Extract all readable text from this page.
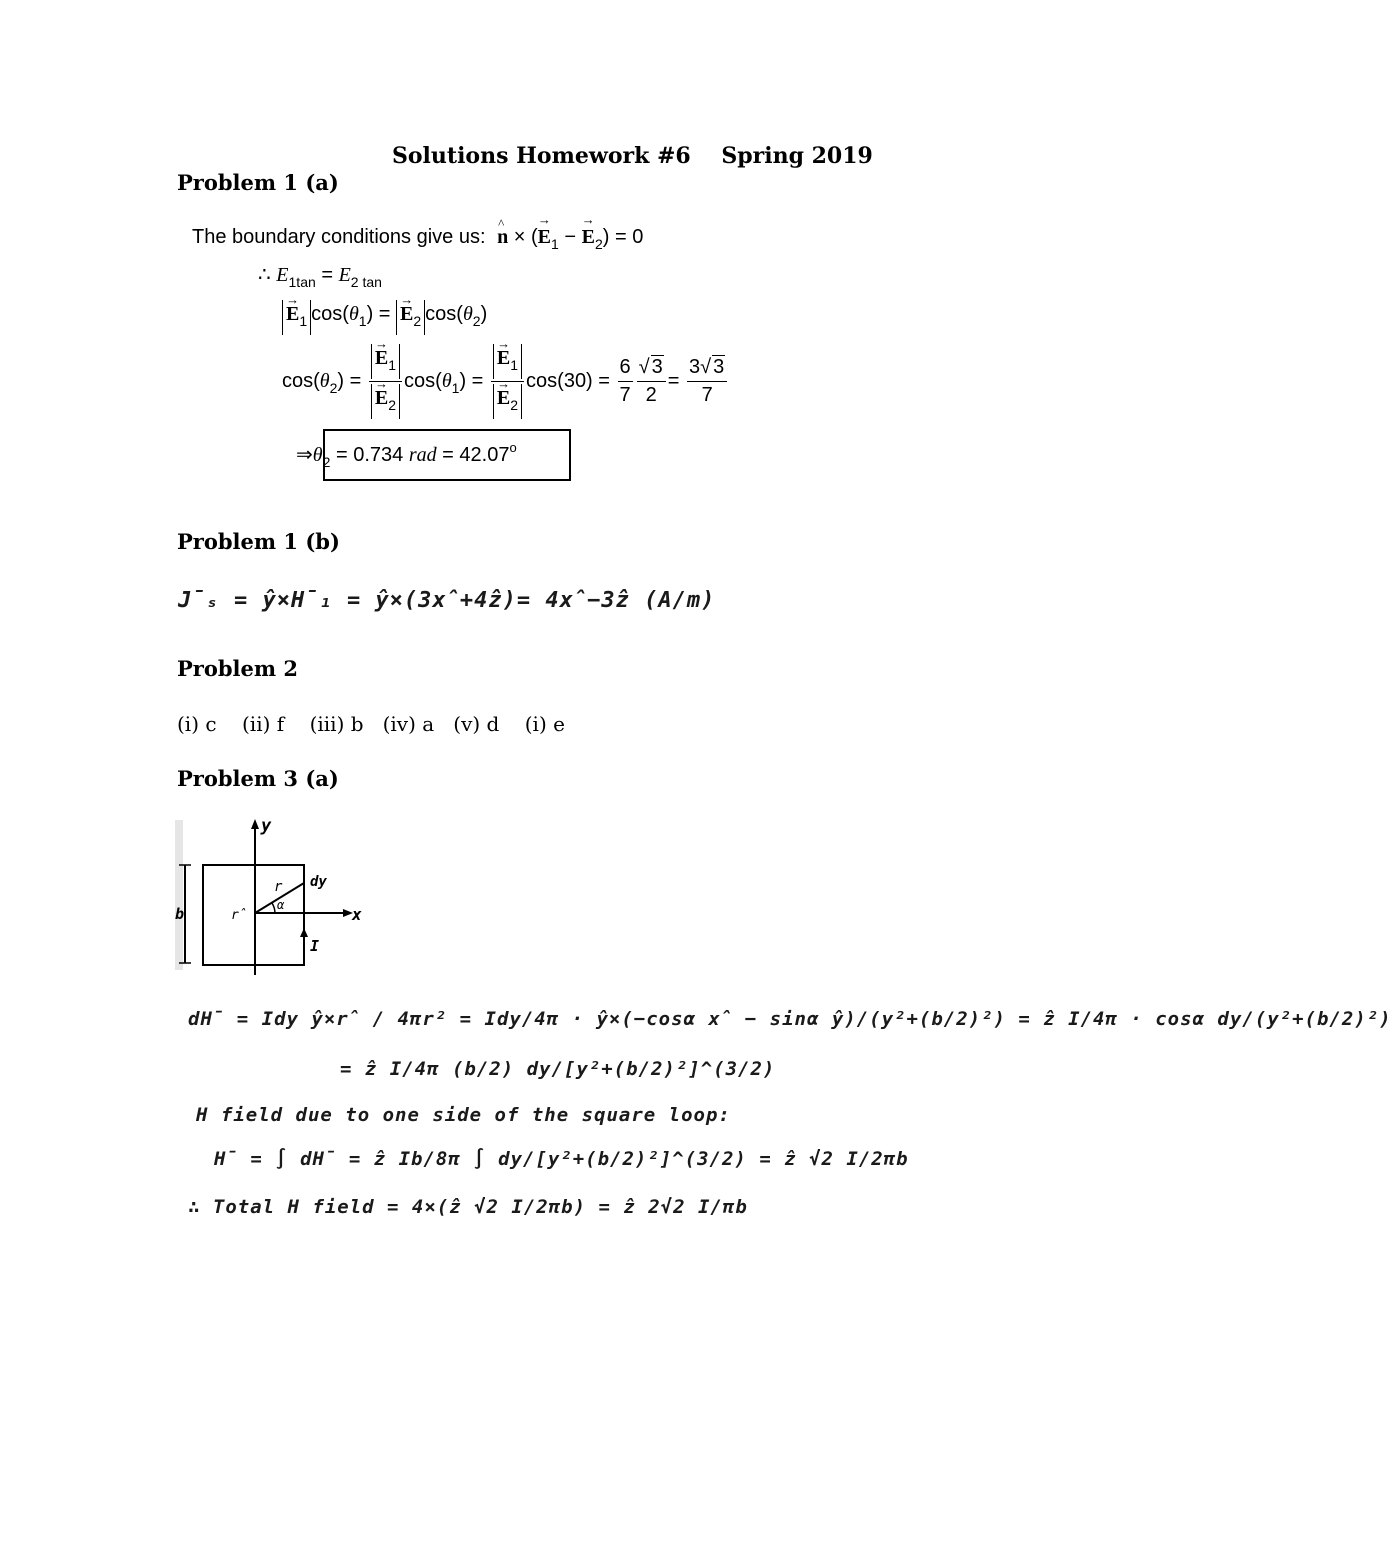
Solutions Homework #6    Spring 2019
Problem 1 (a)
The boundary conditions give us: ^ n × (→ $E_1$ − → $E_2) = 0$
∴ $E_{1tan} = E_{2 tan}$
→ $E_1$ $\cos(\theta_1)$ = → $E_2$ $\cos(\theta_2)$
$\cos(\theta_2)$ = → $E_1$
→ $E_2$ $\cos(\theta_1)$ = → $E_1$
→ $E_2$ $\cos(30) = \frac{6}{7} \frac{√ 3}{2} = \frac{3√ 3}{7}$
$\Rightarrow\theta_2 = 0.734$ rad = $42.07^o$
Problem 1 (b)
J̄ₛ = ŷ×H̄₁ = ŷ×(3x̂+4ẑ)= 4x̂−3ẑ (A/m)
Problem 2
(i) c    (ii) f    (iii) b   (iv) a   (v) d    (i) e
Problem 3 (a)
y
x
b
r dy
α
I
r̂
dH̄ = Idy ŷ×r̂ / 4πr² = Idy/4π · ŷ×(−cosα x̂ − sinα ŷ)/(y²+(b/2)²) = ẑ I/4π · cosα dy/(y²+(b/2)²)
= ẑ I/4π (b/2) dy/[y²+(b/2)²]^(3/2)
H field due to one side of the square loop:
H̄ = ∫ dH̄ = ẑ Ib/8π ∫ dy/[y²+(b/2)²]^(3/2) = ẑ √2 I/2πb
∴ Total H field = 4×(ẑ √2 I/2πb) = ẑ 2√2 I/πb
